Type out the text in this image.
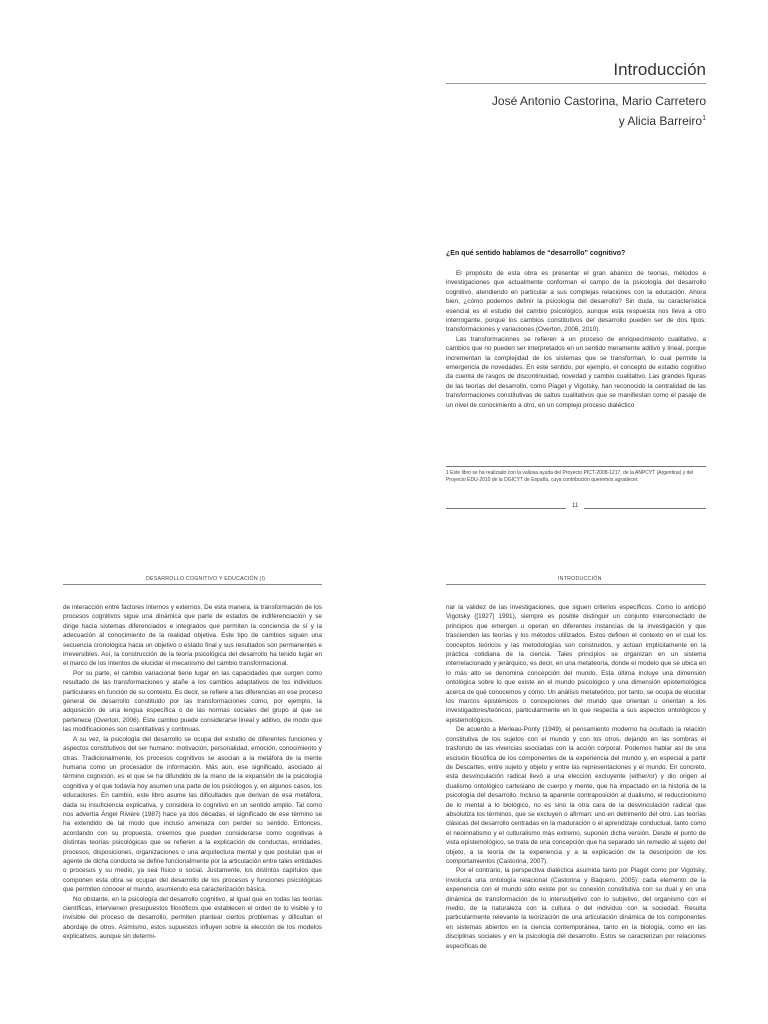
Introducción
José Antonio Castorina, Mario Carretero
y Alicia Barreiro$^1$
¿En qué sentido hablamos de “desarrollo” cognitivo?

El propósito de esta obra es presentar el gran abanico de teorías, métodos e investigaciones que actualmente conforman el campo de la psicología del desarrollo cognitivo, atendiendo en particular a sus complejas relaciones con la educación. Ahora bien, ¿cómo podemos definir la psicología del desarrollo? Sin duda, su característica esencial es el estudio del cambio psicológico, aunque esta respuesta nos lleva a otro interrogante, porque los cambios constitutivos del desarrollo pueden ser de dos tipos: transformaciones y variaciones (Overton, 2006, 2010).

Las transformaciones se refieren a un proceso de enriquecimiento cualitativo, a cambios que no pueden ser interpretados en un sentido meramente aditivo y lineal, porque incrementan la complejidad de los sistemas que se transforman, lo cual permite la emergencia de novedades. En este sentido, por ejemplo, el concepto de estadio cognitivo da cuenta de rasgos de discontinuidad, novedad y cambio cualitativo. Las grandes figuras de las teorías del desarrollo, como Piaget y Vigotsky, han reconocido la centralidad de las transformaciones constitutivas de saltos cualitativos que se manifiestan como el pasaje de un nivel de conocimiento a otro, en un complejo proceso dialéctico

1 Este libro se ha realizado con la valiosa ayuda del Proyecto PICT-2008-1217, de la ANPCYT (Argentina) y del Proyecto EDU-2010 de la DGICYT de España, cuya contribución queremos agradecer.
11
DESARROLLO COGNITIVO Y EDUCACIÓN (I)	INTRODUCCIÓN

de interacción entre factores internos y externos. De esta manera, la transformación de los procesos cognitivos sigue una dinámica que parte de estados de indiferenciación y se dirige hacia sistemas diferenciados e integrados que permiten la conciencia de sí y la adecuación al conocimiento de la realidad objetiva. Este tipo de cambios siguen una secuencia cronológica hacia un objetivo o estado final y sus resultados son permanentes e irreversibles. Así, la construcción de la teoría psicológica del desarrollo ha tenido lugar en el marco de los intentos de elucidar el mecanismo del cambio transformacional.

Por su parte, el cambio variacional tiene lugar en las capacidades que surgen como resultado de las transformaciones y atañe a los cambios adaptativos de los individuos particulares en función de su contexto. Es decir, se refiere a las diferencias en ese proceso general de desarrollo constituido por las transformaciones como, por ejemplo, la adquisición de una lengua específica o de las normas sociales del grupo al que se pertenece (Overton, 2006). Este cambio puede considerarse lineal y aditivo, de modo que las modificaciones son cuantitativas y continuas.

A su vez, la psicología del desarrollo se ocupa del estudio de diferentes funciones y aspectos constitutivos del ser humano: motivación, personalidad, emoción, conocimiento y otras. Tradicionalmente, los procesos cognitivos se asocian a la metáfora de la mente humana como un procesador de información. Más aún, ese significado, asociado al término cognición, es el que se ha difundido de la mano de la expansión de la psicología cognitiva y el que todavía hoy asumen una parte de los psicólogos y, en algunos casos, los educadores. En cambio, este libro asume las dificultades que derivan de esa metáfora, dada su insuficiencia explicativa, y considera lo cognitivo en un sentido amplio. Tal como nos advertía Ángel Rivière (1987) hace ya dos décadas, el significado de ese término se ha extendido de tal modo que incluso amenaza con perder su sentido. Entonces, acordando con su propuesta, creemos que pueden considerarse como cognitivas a distintas teorías psicológicas que se refieren a la explicación de conductas, entidades, procesos, disposiciones, organizaciones o una arquitectura mental y que postulan que el agente de dicha conducta se define funcionalmente por la articulación entre tales entidades o procesos y su medio, ya sea físico o social. Justamente, los distintos capítulos que componen esta obra se ocupan del desarrollo de los procesos y funciones psicológicas que permiten conocer el mundo, asumiendo esa caracterización básica.

No obstante, en la psicología del desarrollo cognitivo, al igual que en todas las teorías científicas, intervienen presupuestos filosóficos que establecen el orden de lo visible y lo invisible del proceso de desarrollo, permiten plantear ciertos problemas y dificultan el abordaje de otros. Asimismo, estos supuestos influyen sobre la elección de los modelos explicativos, aunque sin determi-

nar la validez de las investigaciones, que siguen criterios específicos. Como lo anticipó Vigotsky ([1927] 1991), siempre es posible distinguir un conjunto interconectado de principios que emergen u operan en diferentes instancias de la investigación y que trascienden las teorías y los métodos utilizados. Estos definen el contexto en el cual los conceptos teóricos y las metodologías son construidos, y actúan implícitamente en la práctica cotidiana de la ciencia. Tales principios se organizan en un sistema interrelacionado y jerárquico, es decir, en una metateoría, donde el modelo que se ubica en lo más alto se denomina concepción del mundo. Esta última incluye una dimensión ontológica sobre lo que existe en el mundo psicológico y una dimensión epistemológica acerca de qué conocemos y cómo. Un análisis metateórico, por tanto, se ocupa de elucidar los marcos epistémicos o concepciones del mundo que orientan u orientan a los investigadores/teóricos, particularmente en lo que respecta a sus aspectos ontológicos y epistemológicos.

De acuerdo a Merleau-Ponty (1949), el pensamiento moderno ha ocultado la relación constitutiva de los sujetos con el mundo y con los otros, dejando en las sombras el trasfondo de las vivencias asociadas con la acción corporal. Podemos hablar así de una escisión filosófica de los componentes de la experiencia del mundo y, en especial a partir de Descartes, entre sujeto y objeto y entre las representaciones y el mundo. En concreto, esta desvinculación radical llevó a una elección excluyente (either/or) y dio origen al dualismo ontológico cartesiano de cuerpo y mente, que ha impactado en la historia de la psicología del desarrollo. Incluso la aparente contraposición al dualismo, el reduccionismo de lo mental a lo biológico, no es sino la otra cara de la desvinculación radical que absolutiza los términos, que se excluyen o afirman: uno en detrimento del otro. Las teorías clásicas del desarrollo centradas en la maduración o el aprendizaje conductual, tanto como el neoinnatismo y el culturalismo más extremo, suponen dicha versión. Desde el punto de vista epistemológico, se trata de una concepción que ha separado sin remedio al sujeto del objeto, a la teoría de la experiencia y a la explicación de la descripción de los comportamientos (Castorina, 2007).

Por el contrario, la perspectiva dialéctica asumida tanto por Piaget como por Vigotsky, involucra una ontología relacional (Castorina y Baquero, 2005): cada elemento de la experiencia con el mundo sólo existe por su conexión constitutiva con su dual y en una dinámica de transformación de lo intersubjetivo con lo subjetivo, del organismo con el medio, de la naturaleza con la cultura o del individuo con la sociedad. Resulta particularmente relevante la teorización de una articulación dinámica de los componentes en sistemas abiertos en la ciencia contemporánea, tanto en la biología, como en las disciplinas sociales y en la psicología del desarrollo. Estos se caracterizan por relaciones específicas de
